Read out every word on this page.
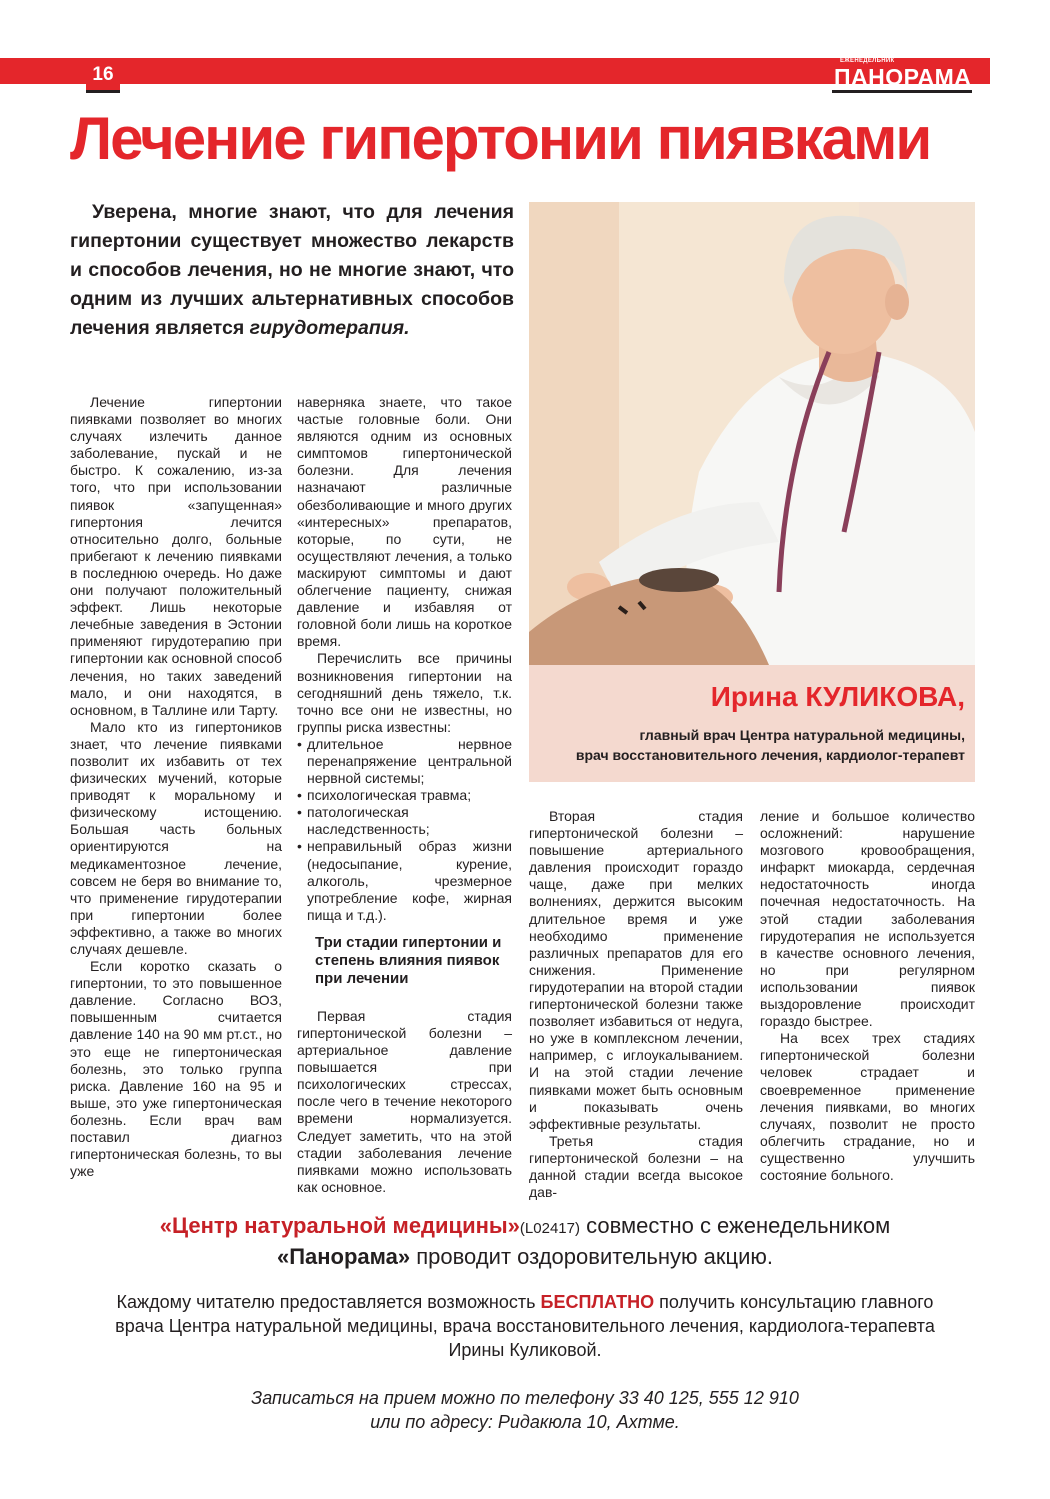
16
ЕЖЕНЕДЕЛЬНИК
ПАНОРАМА
Лечение гипертонии пиявками

Уверена, многие знают, что для лечения гипертонии существует множество лекарств и способов лечения, но не многие знают, что одним из лучших альтернативных способов лечения является гирудотерапия.

Ирина КУЛИКОВА,
главный врач Центра натуральной медицины,
врач восстановительного лечения, кардиолог-терапевт

Лечение гипертонии пиявками позволяет во многих случаях излечить данное заболевание, пускай и не быстро. К сожалению, из-за того, что при использовании пиявок «запущенная» гипертония лечится относительно долго, больные прибегают к лечению пиявками в последнюю очередь. Но даже они получают положительный эффект. Лишь некоторые лечебные заведения в Эстонии применяют гирудотерапию при гипертонии как основной способ лечения, но таких заведений мало, и они находятся, в основном, в Таллине или Тарту.

Мало кто из гипертоников знает, что лечение пиявками позволит их избавить от тех физических мучений, которые приводят к моральному и физическому истощению. Большая часть больных ориентируются на медикаментозное лечение, совсем не беря во внимание то, что применение гирудотерапии при гипертонии более эффективно, а также во многих случаях дешевле.

Если коротко сказать о гипертонии, то это повышенное давление. Согласно ВОЗ, повышенным считается давление 140 на 90 мм рт.ст., но это еще не гипертоническая болезнь, это только группа риска. Давление 160 на 95 и выше, это уже гипертоническая болезнь. Если врач вам поставил диагноз гипертоническая болезнь, то вы уже

наверняка знаете, что такое частые головные боли. Они являются одним из основных симптомов гипертонической болезни. Для лечения назначают различные обезболивающие и много других «интересных» препаратов, которые, по сути, не осуществляют лечения, а только маскируют симптомы и дают облегчение пациенту, снижая давление и избавляя от головной боли лишь на короткое время.

Перечислить все причины возникновения гипертонии на сегодняшний день тяжело, т.к. точно все они не известны, но группы риска известны:

• длительное нервное перенапряжение центральной нервной системы;
• психологическая травма;
• патологическая наследственность;
• неправильный образ жизни (недосыпание, курение, алкоголь, чрезмерное употребление кофе, жирная пища и т.д.).
Три стадии гипертонии и степень влияния пиявок при лечении

Первая стадия гипертонической болезни – артериальное давление повышается при психологических стрессах, после чего в течение некоторого времени нормализуется. Следует заметить, что на этой стадии заболевания лечение пиявками можно использовать как основное.

Вторая стадия гипертонической болезни – повышение артериального давления происходит гораздо чаще, даже при мелких волнениях, держится высоким длительное время и уже необходимо применение различных препаратов для его снижения. Применение гирудотерапии на второй стадии гипертонической болезни также позволяет избавиться от недуга, но уже в комплексном лечении, например, с иглоукалыванием. И на этой стадии лечение пиявками может быть основным и показывать очень эффективные результаты.

Третья стадия гипертонической болезни – на данной стадии всегда высокое дав-

ление и большое количество осложнений: нарушение мозгового кровообращения, инфаркт миокарда, сердечная недостаточность иногда почечная недостаточность. На этой стадии заболевания гирудотерапия не используется в качестве основного лечения, но при регулярном использовании пиявок выздоровление происходит гораздо быстрее.

На всех трех стадиях гипертонической болезни человек страдает и своевременное применение лечения пиявками, во многих случаях, позволит не просто облегчить страдание, но и существенно улучшить состояние больного.

«Центр натуральной медицины»(L02417) совместно с еженедельником
«Панорама» проводит оздоровительную акцию.
Каждому читателю предоставляется возможность БЕСПЛАТНО получить консультацию главного врача Центра натуральной медицины, врача восстановительного лечения, кардиолога-терапевта Ирины Куликовой.
Записаться на прием можно по телефону 33 40 125, 555 12 910
или по адресу: Ридакюла 10, Ахтме.
